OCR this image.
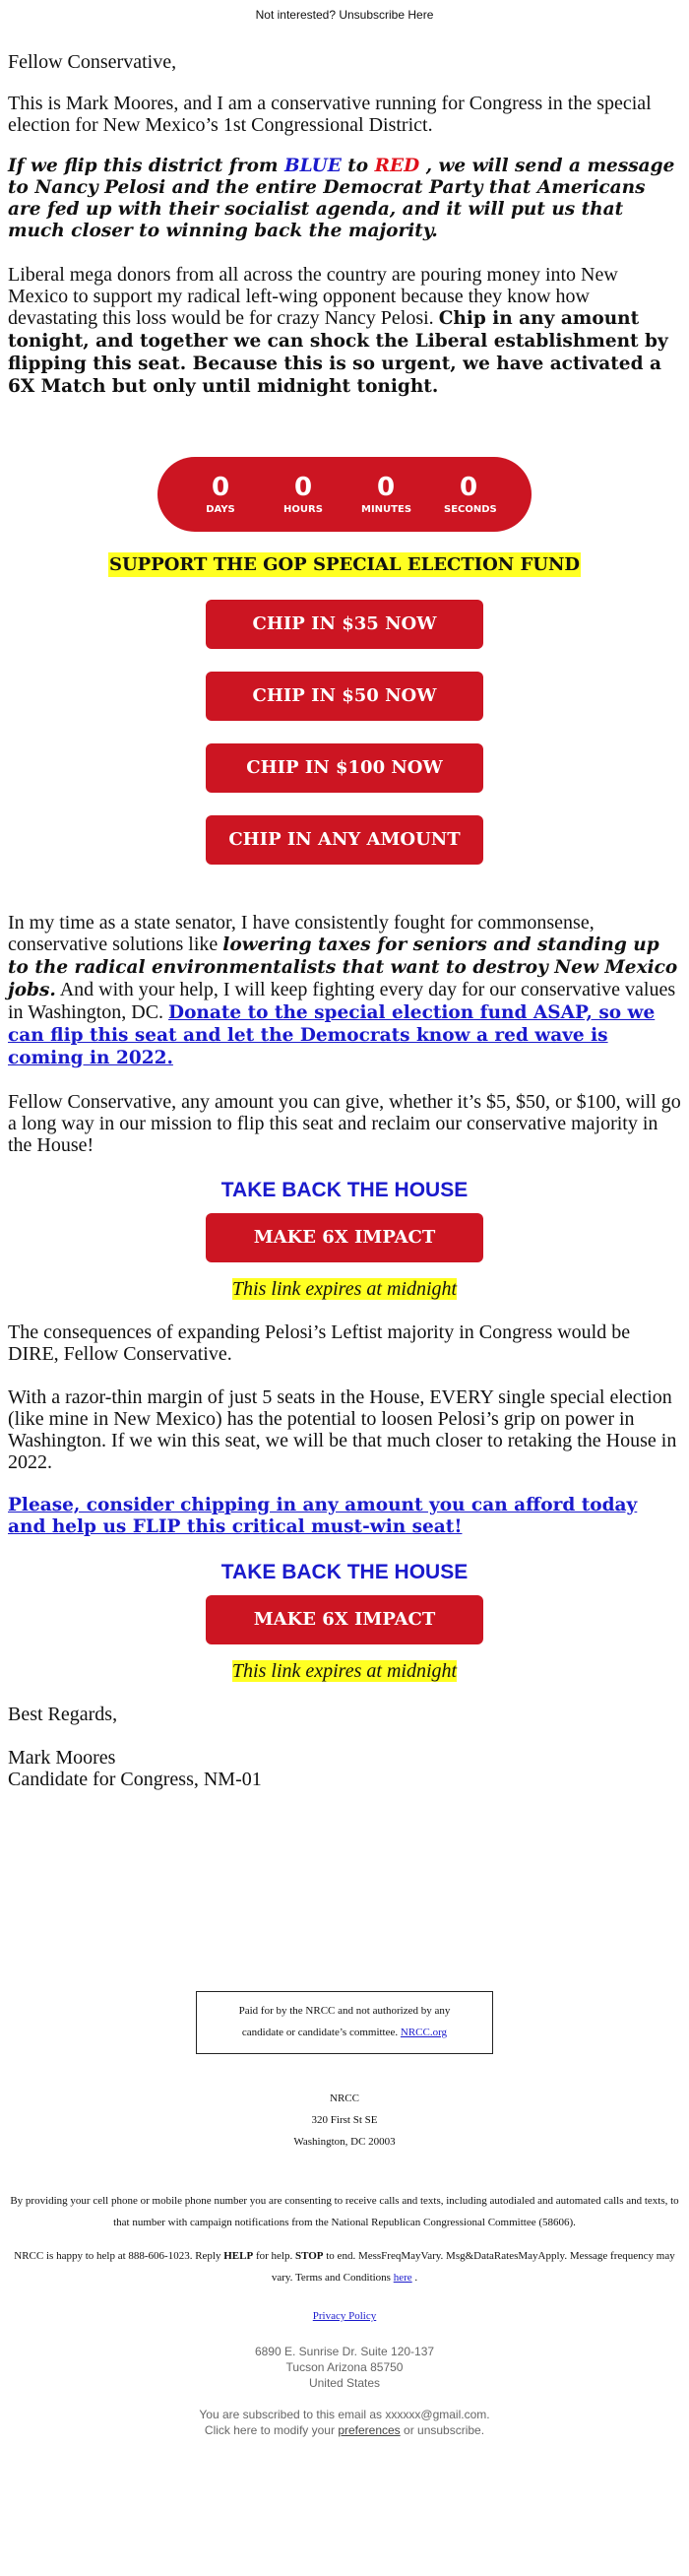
Not interested? Unsubscribe Here

Fellow Conservative,

This is Mark Moores, and I am a conservative running for Congress in the special election for New Mexico’s 1st Congressional District.

If we flip this district from BLUE to RED , we will send a message to Nancy Pelosi and the entire Democrat Party that Americans are fed up with their socialist agenda, and it will put us that much closer to winning back the majority.

Liberal mega donors from all across the country are pouring money into New Mexico to support my radical left-wing opponent because they know how devastating this loss would be for crazy Nancy Pelosi. Chip in any amount tonight, and together we can shock the Liberal establishment by flipping this seat. Because this is so urgent, we have activated a 6X Match but only until midnight tonight.

0
DAYS
0
HOURS
0
MINUTES
0
SECONDS
SUPPORT THE GOP SPECIAL ELECTION FUND
CHIP IN $35 NOW
CHIP IN $50 NOW
CHIP IN $100 NOW
CHIP IN ANY AMOUNT

In my time as a state senator, I have consistently fought for commonsense, conservative solutions like lowering taxes for seniors and standing up to the radical environmentalists that want to destroy New Mexico jobs. And with your help, I will keep fighting every day for our conservative values in Washington, DC. Donate to the special election fund ASAP, so we can flip this seat and let the Democrats know a red wave is coming in 2022.

Fellow Conservative, any amount you can give, whether it’s $5, $50, or $100, will go a long way in our mission to flip this seat and reclaim our conservative majority in the House!

TAKE BACK THE HOUSE
MAKE 6X IMPACT
This link expires at midnight

The consequences of expanding Pelosi’s Leftist majority in Congress would be DIRE, Fellow Conservative.

With a razor-thin margin of just 5 seats in the House, EVERY single special election (like mine in New Mexico) has the potential to loosen Pelosi’s grip on power in Washington. If we win this seat, we will be that much closer to retaking the House in 2022.

Please, consider chipping in any amount you can afford today and help us FLIP this critical must-win seat!

TAKE BACK THE HOUSE
MAKE 6X IMPACT
This link expires at midnight

Best Regards,

Mark Moores

Candidate for Congress, NM-01

Paid for by the NRCC and not authorized by any candidate or candidate’s committee. NRCC.org
NRCC
320 First St SE
Washington, DC 20003
By providing your cell phone or mobile phone number you are consenting to receive calls and texts, including autodialed and automated calls and texts, to that number with campaign notifications from the National Republican Congressional Committee (58606).
NRCC is happy to help at 888-606-1023. Reply HELP for help. STOP to end. MessFreqMayVary. Msg&DataRatesMayApply. Message frequency may vary. Terms and Conditions here .
Privacy Policy
6890 E. Sunrise Dr. Suite 120-137
Tucson Arizona 85750
United States
You are subscribed to this email as xxxxxx@gmail.com.
Click here to modify your preferences or unsubscribe.
